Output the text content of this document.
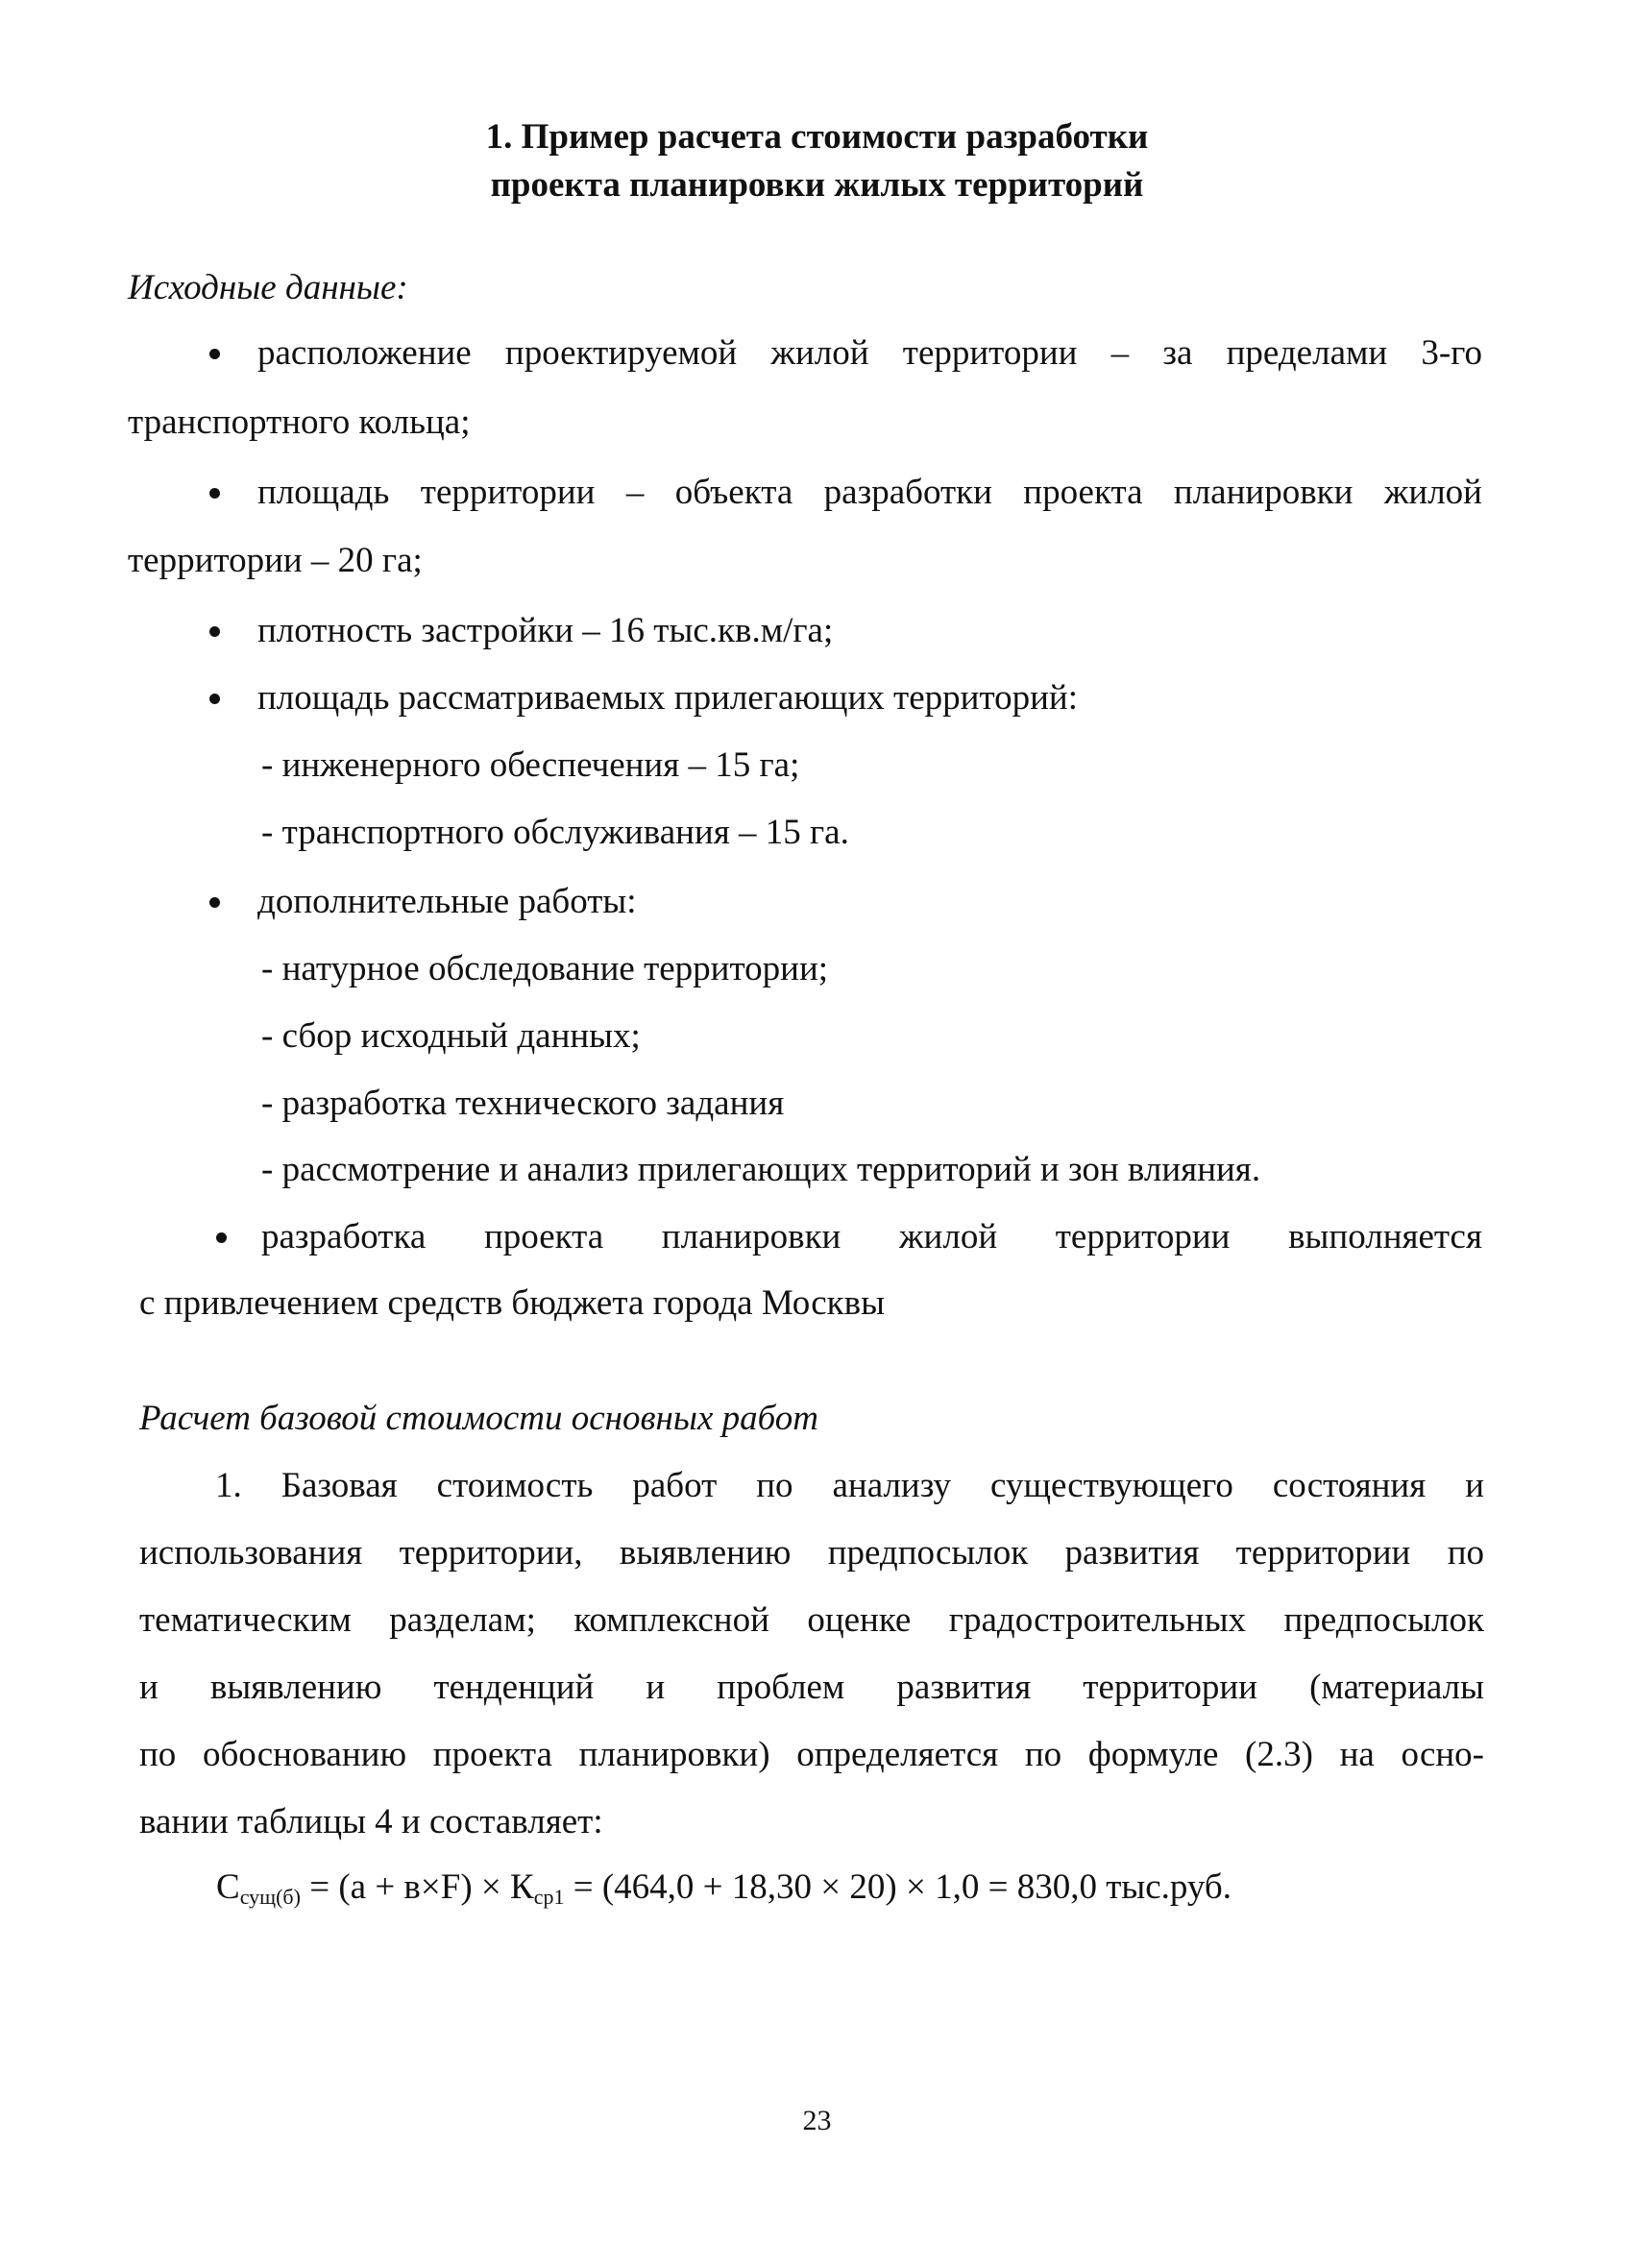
1. Пример расчета стоимости разработки
проекта планировки жилых территорий
Исходные данные:
расположение проектируемой жилой территории – за пределами 3-го
транспортного кольца;
площадь территории – объекта разработки проекта планировки жилой
территории – 20 га;
плотность застройки – 16 тыс.кв.м/га;
площадь рассматриваемых прилегающих территорий:
- инженерного обеспечения – 15 га;
- транспортного обслуживания – 15 га.
дополнительные работы:
- натурное обследование территории;
- сбор исходный данных;
- разработка технического задания
- рассмотрение и анализ прилегающих территорий и зон влияния.
разработка проекта планировки жилой территории выполняется
с привлечением средств бюджета города Москвы
Расчет базовой стоимости основных работ
1. Базовая стоимость работ по анализу существующего состояния и
использования территории, выявлению предпосылок развития территории по
тематическим разделам; комплексной оценке градостроительных предпосылок
и выявлению тенденций и проблем развития территории (материалы
по обоснованию проекта планировки) определяется по формуле (2.3) на осно-
вании таблицы 4 и составляет:
$С_{сущ(б)} = (а + в\times F) \times К_{ср1} = (464,0 + 18,30 \times 20) \times 1,0 = 830,0$ тыс.руб.
23
